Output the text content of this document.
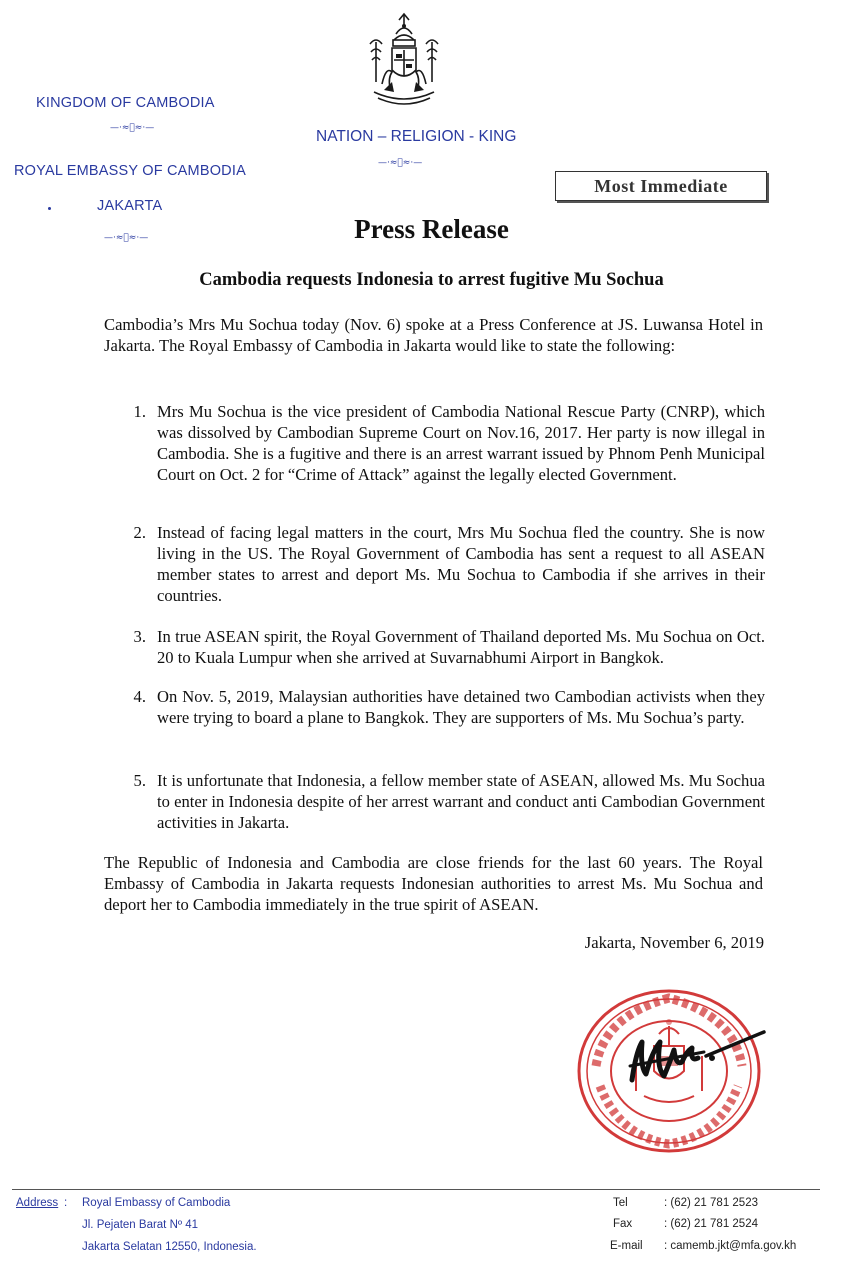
KINGDOM OF CAMBODIA
—·≈ঃ≈·—
ROYAL EMBASSY OF CAMBODIA
JAKARTA
—·≈ঃ≈·—
NATION – RELIGION - KING
—·≈ঃ≈·—
Most Immediate
Press Release
Cambodia requests Indonesia to arrest fugitive Mu Sochua
Cambodia’s Mrs Mu Sochua today (Nov. 6) spoke at a Press Conference at JS. Luwansa Hotel in Jakarta. The Royal Embassy of Cambodia in Jakarta would like to state the following:
1. Mrs Mu Sochua is the vice president of Cambodia National Rescue Party (CNRP), which was dissolved by Cambodian Supreme Court on Nov.16, 2017. Her party is now illegal in Cambodia. She is a fugitive and there is an arrest warrant issued by Phnom Penh Municipal Court on Oct. 2 for “Crime of Attack” against the legally elected Government.
2. Instead of facing legal matters in the court, Mrs Mu Sochua fled the country. She is now living in the US. The Royal Government of Cambodia has sent a request to all ASEAN member states to arrest and deport Ms. Mu Sochua to Cambodia if she arrives in their countries.
3. In true ASEAN spirit, the Royal Government of Thailand deported Ms. Mu Sochua on Oct. 20 to Kuala Lumpur when she arrived at Suvarnabhumi Airport in Bangkok.
4. On Nov. 5, 2019, Malaysian authorities have detained two Cambodian activists when they were trying to board a plane to Bangkok. They are supporters of Ms. Mu Sochua’s party.
5. It is unfortunate that Indonesia, a fellow member state of ASEAN, allowed Ms. Mu Sochua to enter in Indonesia despite of her arrest warrant and conduct anti Cambodian Government activities in Jakarta.
The Republic of Indonesia and Cambodia are close friends for the last 60 years. The Royal Embassy of Cambodia in Jakarta requests Indonesian authorities to arrest Ms. Mu Sochua and deport her to Cambodia immediately in the true spirit of ASEAN.
Jakarta, November 6, 2019
Address : Royal Embassy of Cambodia
Jl. Pejaten Barat Nº 41
Jakarta Selatan 12550, Indonesia.
Tel	: (62) 21 781 2523
Fax	: (62) 21 781 2524
E-mail : camemb.jkt@mfa.gov.kh
